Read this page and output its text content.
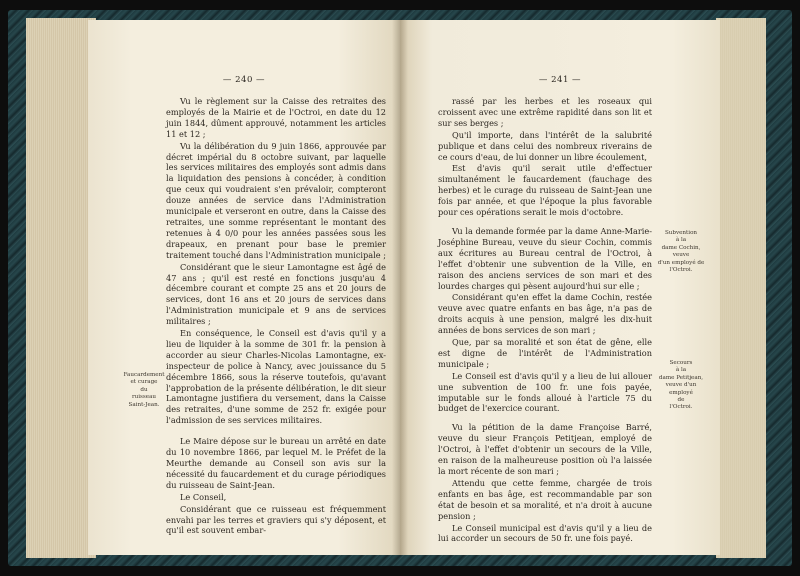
— 240 —

Vu le règlement sur la Caisse des retraites des employés de la Mairie et de l'Octroi, en date du 12 juin 1844, dûment approuvé, notamment les articles 11 et 12 ;

Vu la délibération du 9 juin 1866, approuvée par décret impérial du 8 octobre suivant, par laquelle les services militaires des employés sont admis dans la liquidation des pensions à concéder, à condition que ceux qui voudraient s'en prévaloir, compteront douze années de service dans l'Administration municipale et verseront en outre, dans la Caisse des retraites, une somme représentant le montant des retenues à 4 0/0 pour les années passées sous les drapeaux, en prenant pour base le premier traitement touché dans l'Administration municipale ;

Considérant que le sieur Lamontagne est âgé de 47 ans ; qu'il est resté en fonctions jusqu'au 4 décembre courant et compte 25 ans et 20 jours de services, dont 16 ans et 20 jours de services dans l'Administration municipale et 9 ans de services militaires ;

En conséquence, le Conseil est d'avis qu'il y a lieu de liquider à la somme de 301 fr. la pension à accorder au sieur Charles-Nicolas Lamontagne, ex-inspecteur de police à Nancy, avec jouissance du 5 décembre 1866, sous la réserve toutefois, qu'avant l'approbation de la présente délibération, le dit sieur Lamontagne justifiera du versement, dans la Caisse des retraites, d'une somme de 252 fr. exigée pour l'admission de ses services militaires.

Le Maire dépose sur le bureau un arrêté en date du 10 novembre 1866, par lequel M. le Préfet de la Meurthe demande au Conseil son avis sur la nécessité du faucardement et du curage périodiques du ruisseau de Saint-Jean.

Le Conseil,

Considérant que ce ruisseau est fréquemment envahi par les terres et graviers qui s'y déposent, et qu'il est souvent embar-

Faucardement
et curage
du
ruisseau
Saint-Jean.
— 241 —

rassé par les herbes et les roseaux qui croissent avec une extrême rapidité dans son lit et sur ses berges ;

Qu'il importe, dans l'intérêt de la salubrité publique et dans celui des nombreux riverains de ce cours d'eau, de lui donner un libre écoulement,

Est d'avis qu'il serait utile d'effectuer simultanément le faucardement (fauchage des herbes) et le curage du ruisseau de Saint-Jean une fois par année, et que l'époque la plus favorable pour ces opérations serait le mois d'octobre.

Vu la demande formée par la dame Anne-Marie-Joséphine Bureau, veuve du sieur Cochin, commis aux écritures au Bureau central de l'Octroi, à l'effet d'obtenir une subvention de la Ville, en raison des anciens services de son mari et des lourdes charges qui pèsent aujourd'hui sur elle ;

Considérant qu'en effet la dame Cochin, restée veuve avec quatre enfants en bas âge, n'a pas de droits acquis à une pension, malgré les dix-huit années de bons services de son mari ;

Que, par sa moralité et son état de gêne, elle est digne de l'intérêt de l'Administration municipale ;

Le Conseil est d'avis qu'il y a lieu de lui allouer une subvention de 100 fr. une fois payée, imputable sur le fonds alloué à l'article 75 du budget de l'exercice courant.

Vu la pétition de la dame Françoise Barré, veuve du sieur François Petitjean, employé de l'Octroi, à l'effet d'obtenir un secours de la Ville, en raison de la malheureuse position où l'a laissée la mort récente de son mari ;

Attendu que cette femme, chargée de trois enfants en bas âge, est recommandable par son état de besoin et sa moralité, et n'a droit à aucune pension ;

Le Conseil municipal est d'avis qu'il y a lieu de lui accorder un secours de 50 fr. une fois payé.

Subvention
à la
dame Cochin,
veuve
d'un employé de
l'Octroi.
Secours
à la
dame Petitjean,
veuve d'un
employé
de
l'Octroi.
